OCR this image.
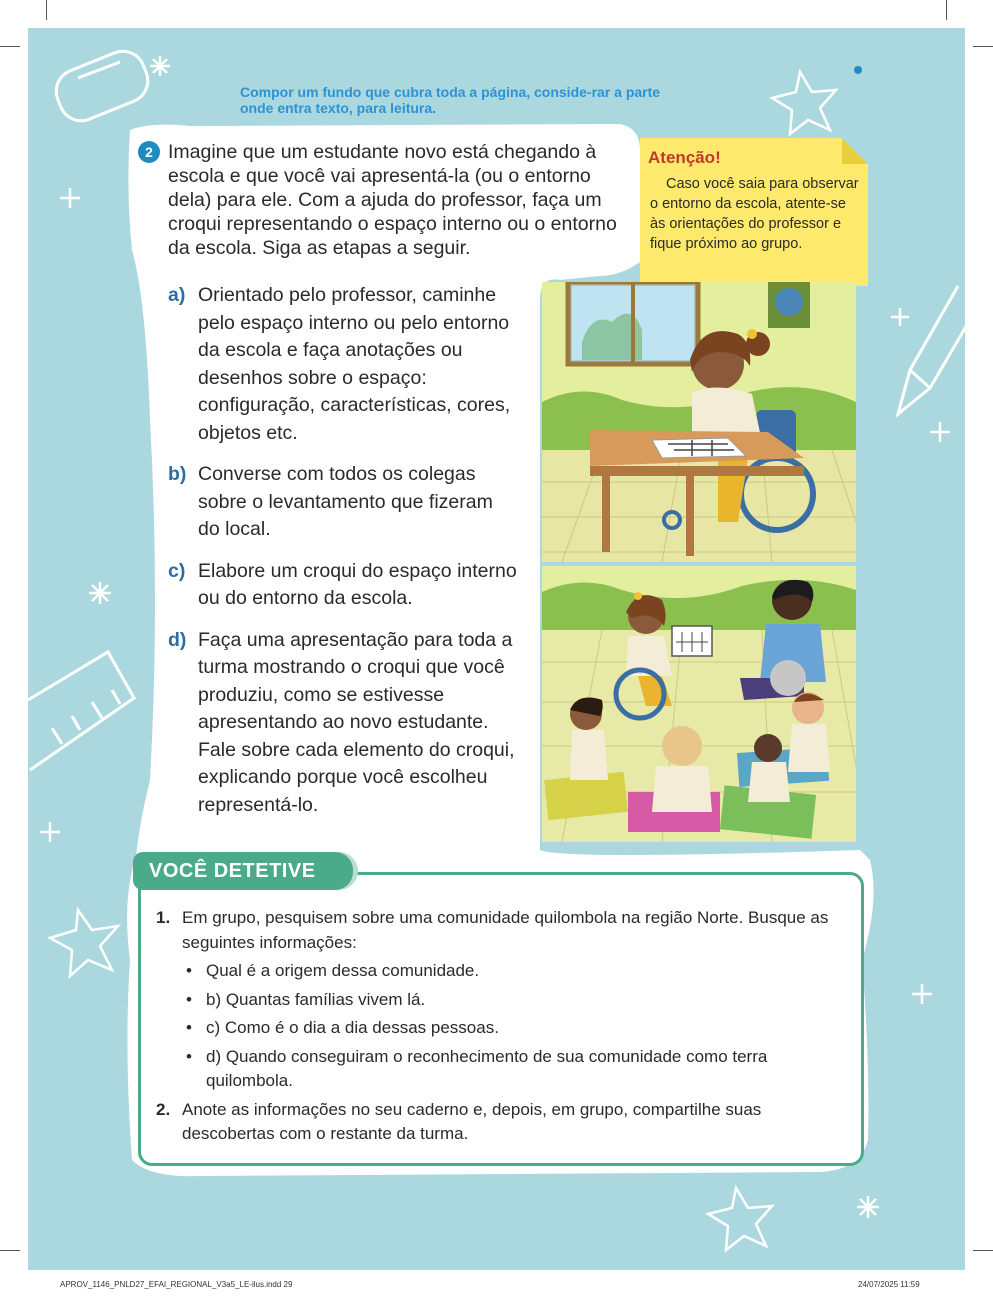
Compor um fundo que cubra toda a página, conside-rar a parte onde entra texto, para leitura.
2 Imagine que um estudante novo está chegando à escola e que você vai apresentá-la (ou o entorno dela) para ele. Com a ajuda do professor, faça um croqui representando o espaço interno ou o entorno da escola. Siga as etapas a seguir.

Atenção!

Caso você saia para observar o entorno da escola, atente-se às orientações do professor e fique próximo ao grupo.

a) Orientado pelo professor, caminhe pelo espaço interno ou pelo entorno da escola e faça anotações ou desenhos sobre o espaço: configuração, características, cores, objetos etc.
b) Converse com todos os colegas sobre o levantamento que fizeram do local.
c) Elabore um croqui do espaço interno ou do entorno da escola.
d) Faça uma apresentação para toda a turma mostrando o croqui que você produziu, como se estivesse apresentando ao novo estudante. Fale sobre cada elemento do croqui, explicando porque você escolheu representá-lo.
VOCÊ DETETIVE
1. Em grupo, pesquisem sobre uma comunidade quilombola na região Norte. Busque as seguintes informações:
• Qual é a origem dessa comunidade.
• b) Quantas famílias vivem lá.
• c) Como é o dia a dia dessas pessoas.
• d) Quando conseguiram o reconhecimento de sua comunidade como terra quilombola.
2. Anote as informações no seu caderno e, depois, em grupo, compartilhe suas descobertas com o restante da turma.
APROV_1146_PNLD27_EFAI_REGIONAL_V3a5_LE-ilus.indd 29	24/07/2025 11:59
